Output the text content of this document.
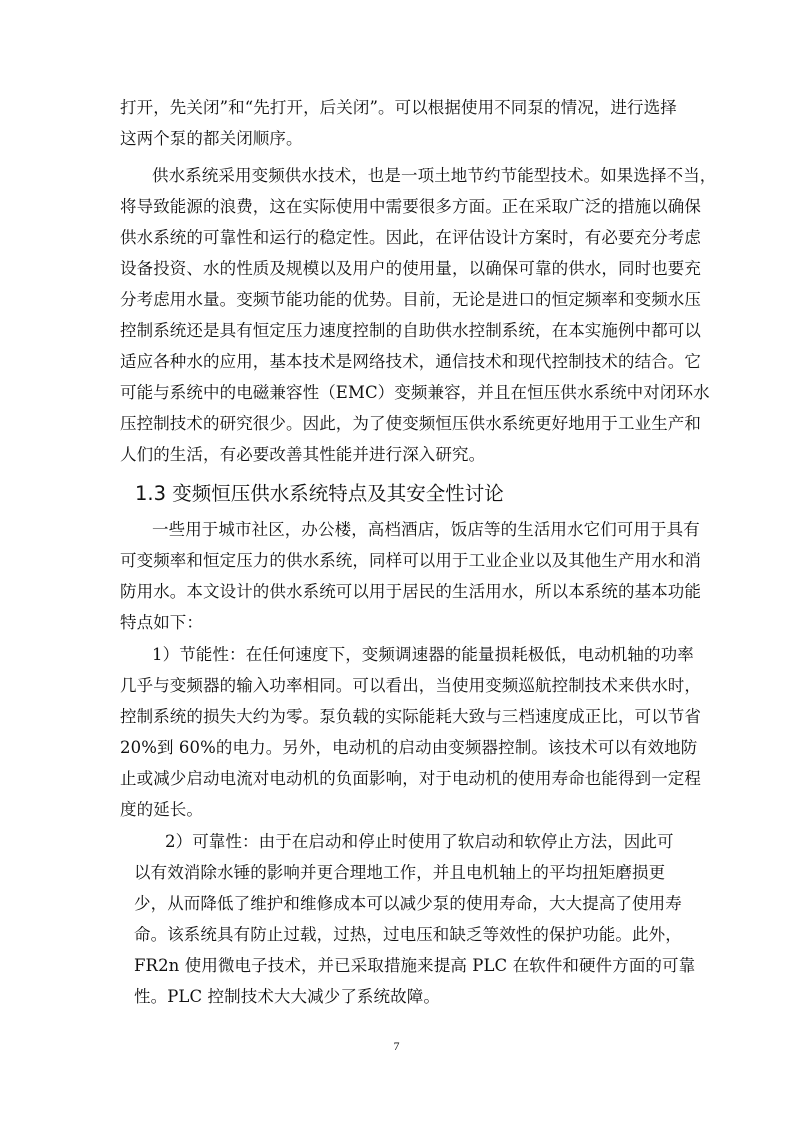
打开，先关闭”和“先打开，后关闭”。可以根据使用不同泵的情况，进行选择
这两个泵的都关闭顺序。
供水系统采用变频供水技术，也是一项土地节约节能型技术。如果选择不当，
将导致能源的浪费，这在实际使用中需要很多方面。正在采取广泛的措施以确保
供水系统的可靠性和运行的稳定性。因此，在评估设计方案时，有必要充分考虑
设备投资、水的性质及规模以及用户的使用量，以确保可靠的供水，同时也要充
分考虑用水量。变频节能功能的优势。目前，无论是进口的恒定频率和变频水压
控制系统还是具有恒定压力速度控制的自助供水控制系统，在本实施例中都可以
适应各种水的应用，基本技术是网络技术，通信技术和现代控制技术的结合。它
可能与系统中的电磁兼容性（EMC）变频兼容，并且在恒压供水系统中对闭环水
压控制技术的研究很少。因此，为了使变频恒压供水系统更好地用于工业生产和
人们的生活，有必要改善其性能并进行深入研究。
1.3 变频恒压供水系统特点及其安全性讨论
一些用于城市社区，办公楼，高档酒店，饭店等的生活用水它们可用于具有
可变频率和恒定压力的供水系统，同样可以用于工业企业以及其他生产用水和消
防用水。本文设计的供水系统可以用于居民的生活用水，所以本系统的基本功能
特点如下：
1）节能性：在任何速度下，变频调速器的能量损耗极低，电动机轴的功率
几乎与变频器的输入功率相同。可以看出，当使用变频巡航控制技术来供水时，
控制系统的损失大约为零。泵负载的实际能耗大致与三档速度成正比，可以节省
20%到 60%的电力。另外，电动机的启动由变频器控制。该技术可以有效地防
止或减少启动电流对电动机的负面影响，对于电动机的使用寿命也能得到一定程
度的延长。
2）可靠性：由于在启动和停止时使用了软启动和软停止方法，因此可
以有效消除水锤的影响并更合理地工作，并且电机轴上的平均扭矩磨损更
少，从而降低了维护和维修成本可以减少泵的使用寿命，大大提高了使用寿
命。该系统具有防止过载，过热，过电压和缺乏等效性的保护功能。此外，
FR2n 使用微电子技术，并已采取措施来提高 PLC 在软件和硬件方面的可靠
性。PLC 控制技术大大减少了系统故障。
7
